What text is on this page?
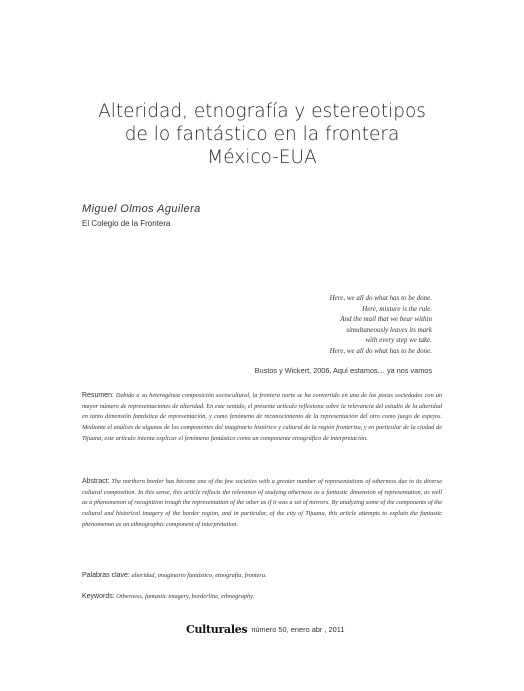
Alteridad, etnografía y estereotipos
de lo fantástico en la frontera
México-EUA
Miguel Olmos Aguilera
El Colegio de la Frontera
Here, we all do what has to be done.
Here, mixture is the rule.
And the mail that we bear within
simultaneously leaves its mark
with every step we take.
Here, we all do what has to be done.
Bustos y Wickert, 2006, Aquí estamos… ya nos vamos

Resumen: Debido a su heterogénea composición sociocultural, la frontera norte se ha convertido en una de las pocas sociedades con un mayor número de representaciones de alteridad. En este sentido, el presente artículo reflexiona sobre la relevancia del estudio de la alteridad en tanto dimensión fantástica de representación, y como fenómeno de reconocimiento de la representación del otro como juego de espejos. Mediante el análisis de algunos de los componentes del imaginario histórico y cultural de la región fronteriza, y en particular de la ciudad de Tijuana, este artículo intenta explicar el fenómeno fantástico como un componente etnográfico de interpretación.

Abstract: The northern border has become one of the few societies with a greater number of representations of otherness due to its diverse cultural composition. In this sense, this article reflects the relevance of studying otherness as a fantastic dimension of representation, as well as a phenomenon of recognition trough the representation of the other as if it was a set of mirrors. By analyzing some of the components of the cultural and historical imagery of the border region, and in particular, of the city of Tijuana, this article attempts to explain the fantastic phenomenon as an ethnographic component of interpretation.

Palabras clave: alteridad, imaginario fantástico, etnografía, frontera.

Keywords: Otherness, fantastic imagery, borderline, ethnography.

Culturales número 50, enero abr , 2011
